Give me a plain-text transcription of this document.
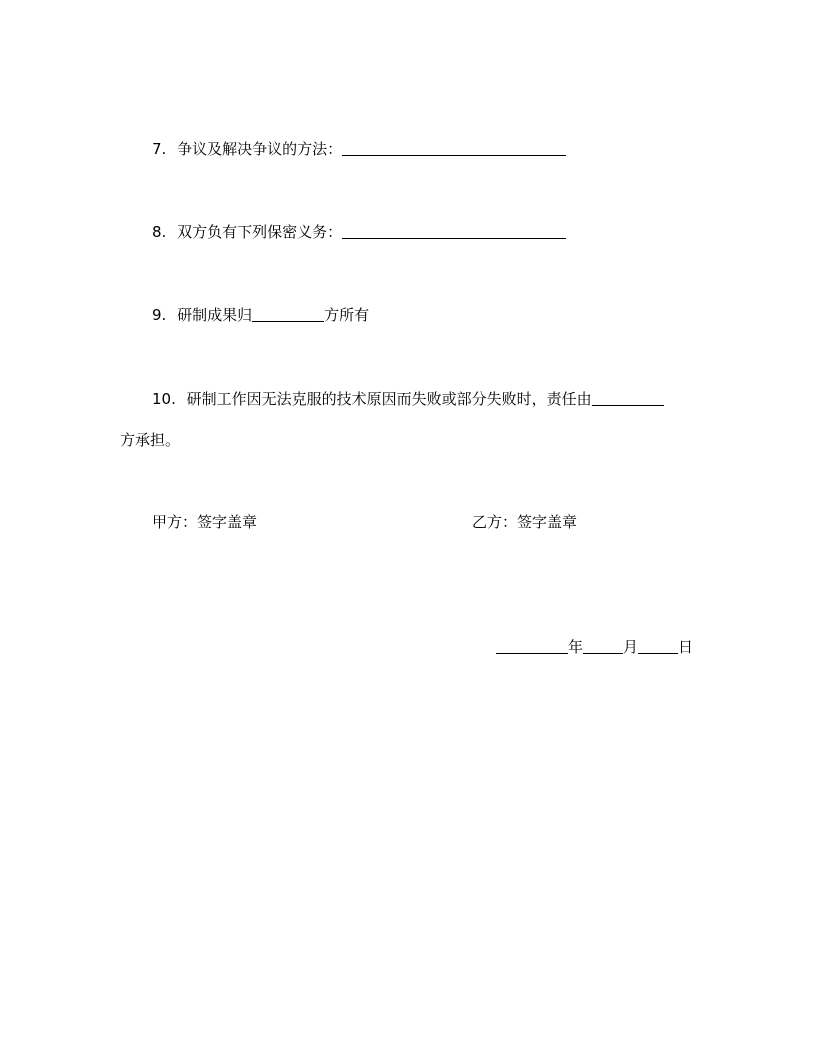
7. 争议及解决争议的方法：
8. 双方负有下列保密义务：
9. 研制成果归	方所有
10. 研制工作因无法克服的技术原因而失败或部分失败时，责任由
方承担。
甲方：签字盖章	乙方：签字盖章
年	月	日
